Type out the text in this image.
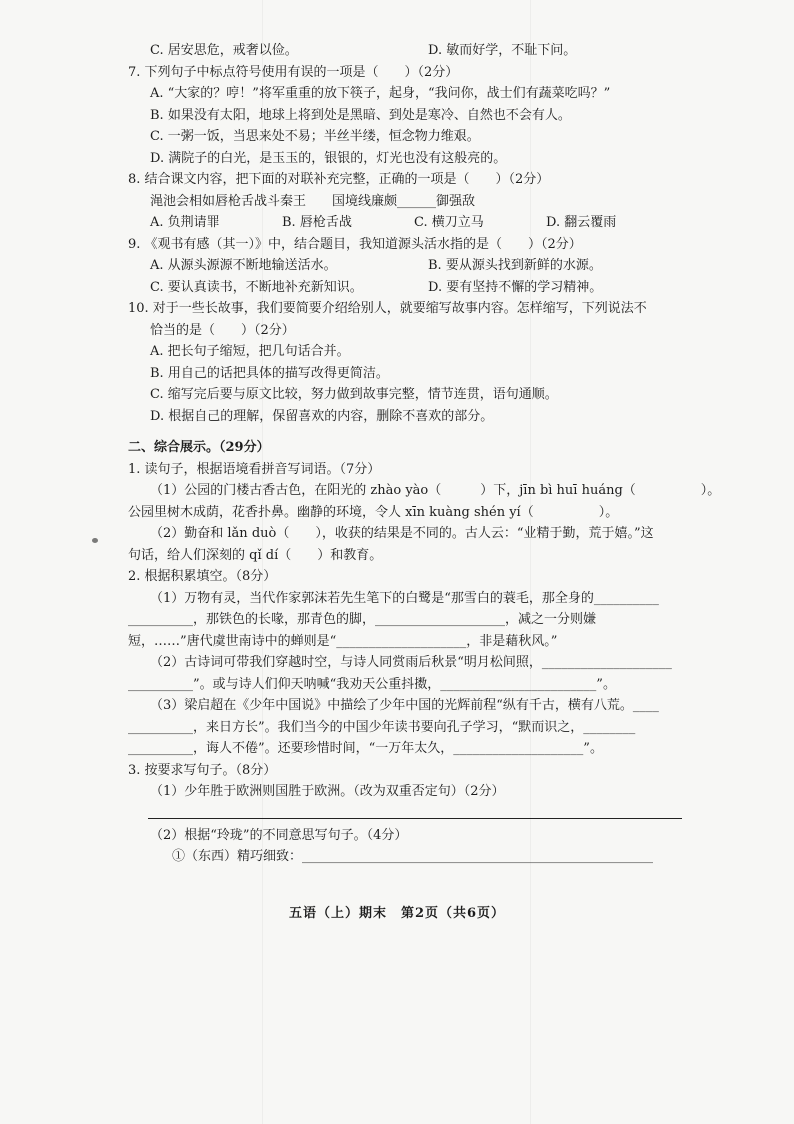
C. 居安思危，戒奢以俭。	D. 敏而好学，不耻下问。
7. 下列句子中标点符号使用有误的一项是（　　）（2分）
A. “大家的？哼！”将军重重的放下筷子，起身，“我问你，战士们有蔬菜吃吗？”
B. 如果没有太阳，地球上将到处是黑暗、到处是寒冷、自然也不会有人。
C. 一粥一饭，当思来处不易；半丝半缕，恒念物力维艰。
D. 满院子的白光，是玉玉的，银银的，灯光也没有这般亮的。
8. 结合课文内容，把下面的对联补充完整，正确的一项是（　　）（2分）
渑池会相如唇枪舌战斗秦王　　国境线廉颇______御强敌
A. 负荆请罪	B. 唇枪舌战	C. 横刀立马	D. 翻云覆雨
9. 《观书有感（其一）》中，结合题目，我知道源头活水指的是（　　）（2分）
A. 从源头源源不断地输送活水。	B. 要从源头找到新鲜的水源。
C. 要认真读书，不断地补充新知识。	D. 要有坚持不懈的学习精神。
10. 对于一些长故事，我们要简要介绍给别人，就要缩写故事内容。怎样缩写，下列说法不
恰当的是（　　）（2分）
A. 把长句子缩短，把几句话合并。
B. 用自己的话把具体的描写改得更简洁。
C. 缩写完后要与原文比较，努力做到故事完整，情节连贯，语句通顺。
D. 根据自己的理解，保留喜欢的内容，删除不喜欢的部分。
二、综合展示。（29分）
1. 读句子，根据语境看拼音写词语。（7分）
（1）公园的门楼古香古色，在阳光的 zhào yào（　　　）下，jīn bì huī huáng（　　　　　）。
公园里树木成荫，花香扑鼻。幽静的环境，令人 xīn kuàng shén yí（　　　　　）。
（2）勤奋和 lǎn duò（　　），收获的结果是不同的。古人云：“业精于勤，荒于嬉。”这
句话，给人们深刻的 qǐ dí（　　）和教育。
2. 根据积累填空。（8分）
（1）万物有灵，当代作家郭沫若先生笔下的白鹭是“那雪白的蓑毛，那全身的__________
__________，那铁色的长喙，那青色的脚，____________________，减之一分则嫌
短，……”唐代虞世南诗中的蝉则是“____________________，非是藉秋风。”
（2）古诗词可带我们穿越时空，与诗人同赏雨后秋景“明月松间照，____________________
__________”。或与诗人们仰天呐喊“我劝天公重抖擞，________________________”。
（3）梁启超在《少年中国说》中描绘了少年中国的光辉前程“纵有千古，横有八荒。____
__________，来日方长”。我们当今的中国少年读书要向孔子学习，“默而识之，________
__________，诲人不倦”。还要珍惜时间，“一万年太久，____________________”。
3. 按要求写句子。（8分）
（1）少年胜于欧洲则国胜于欧洲。（改为双重否定句）（2分）
（2）根据“玲珑”的不同意思写句子。（4分）
①（东西）精巧细致：______________________________________________________
五语（上）期末　第2页（共6页）
